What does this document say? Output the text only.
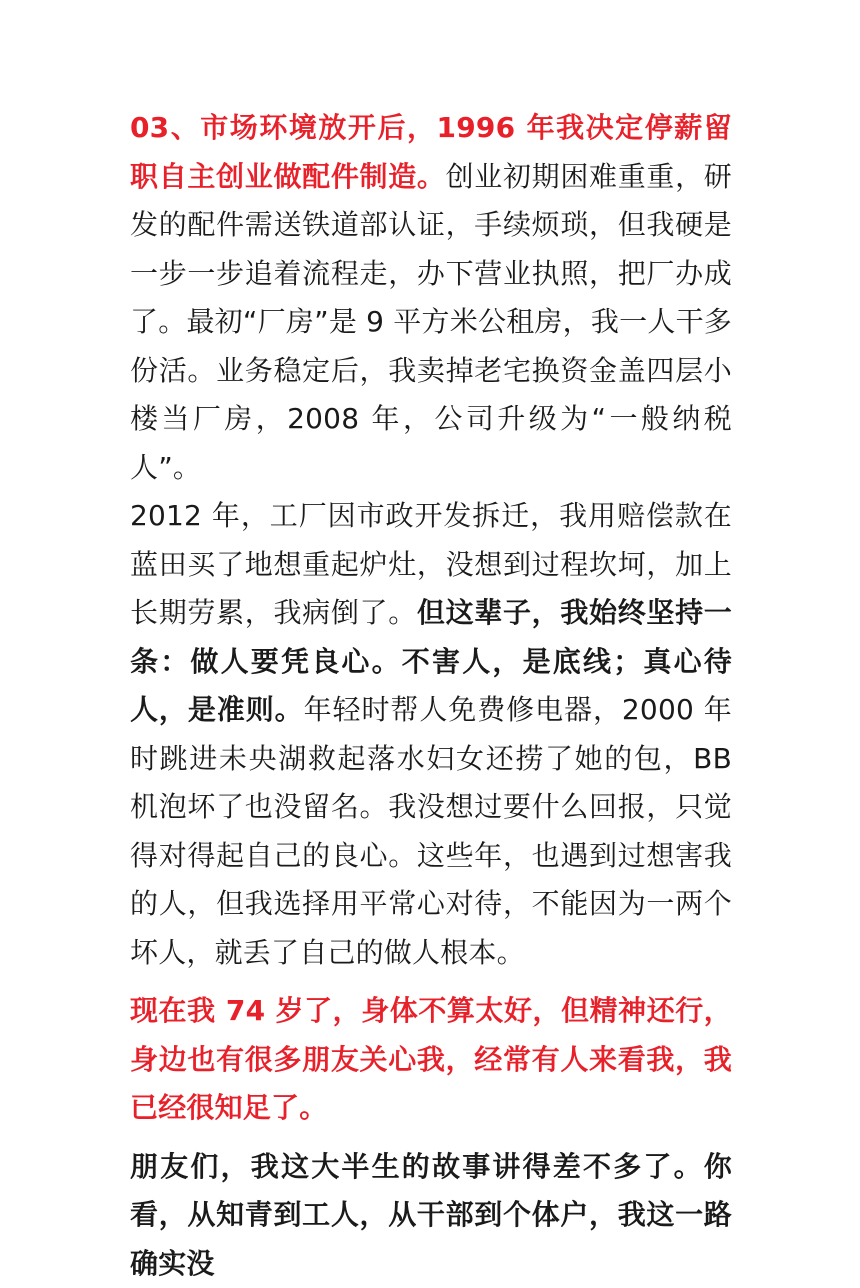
03、市场环境放开后，1996 年我决定停薪留职自主创业做配件制造。创业初期困难重重，研发的配件需送铁道部认证，手续烦琐，但我硬是一步一步追着流程走，办下营业执照，把厂办成了。最初“厂房”是 9 平方米公租房，我一人干多份活。业务稳定后，我卖掉老宅换资金盖四层小楼当厂房，2008 年，公司升级为“一般纳税人”。

2012 年，工厂因市政开发拆迁，我用赔偿款在蓝田买了地想重起炉灶，没想到过程坎坷，加上长期劳累，我病倒了。但这辈子，我始终坚持一条：做人要凭良心。不害人，是底线；真心待人，是准则。年轻时帮人免费修电器，2000 年时跳进未央湖救起落水妇女还捞了她的包，BB 机泡坏了也没留名。我没想过要什么回报，只觉得对得起自己的良心。这些年，也遇到过想害我的人，但我选择用平常心对待，不能因为一两个坏人，就丢了自己的做人根本。

现在我 74 岁了，身体不算太好，但精神还行，身边也有很多朋友关心我，经常有人来看我，我已经很知足了。

朋友们，我这大半生的故事讲得差不多了。你看，从知青到工人，从干部到个体户，我这一路确实没
